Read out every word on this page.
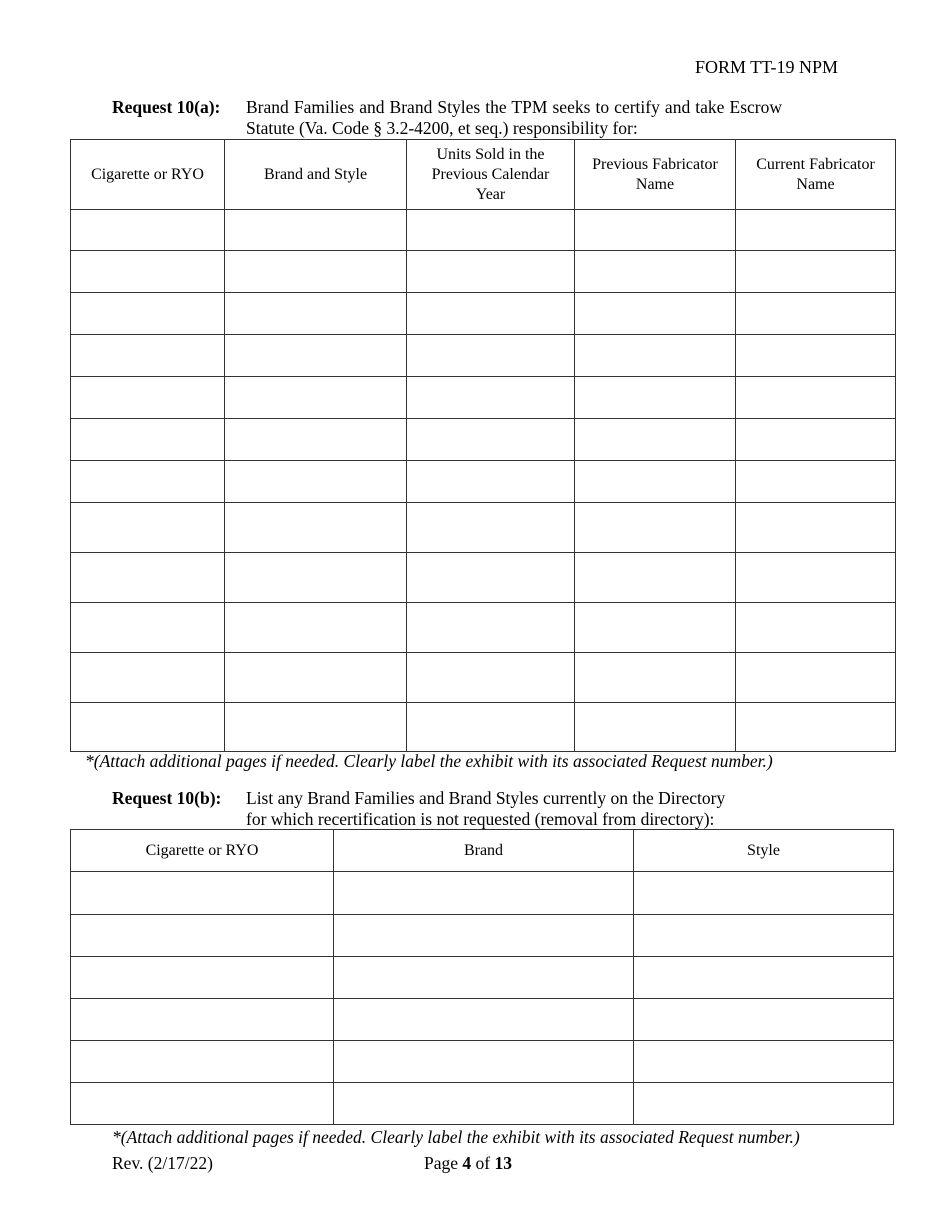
FORM TT-19 NPM
Request 10(a): Brand Families and Brand Styles the TPM seeks to certify and take Escrow Statute (Va. Code § 3.2-4200, et seq.) responsibility for:
Cigarette or RYO	Brand and Style	Units Sold in the Previous Calendar Year	Previous Fabricator Name	Current Fabricator Name

*(Attach additional pages if needed. Clearly label the exhibit with its associated Request number.)
Request 10(b): List any Brand Families and Brand Styles currently on the Directory
for which recertification is not requested (removal from directory):
Cigarette or RYO	Brand	Style

*(Attach additional pages if needed. Clearly label the exhibit with its associated Request number.)
Rev. (2/17/22)	Page 4 of 13
